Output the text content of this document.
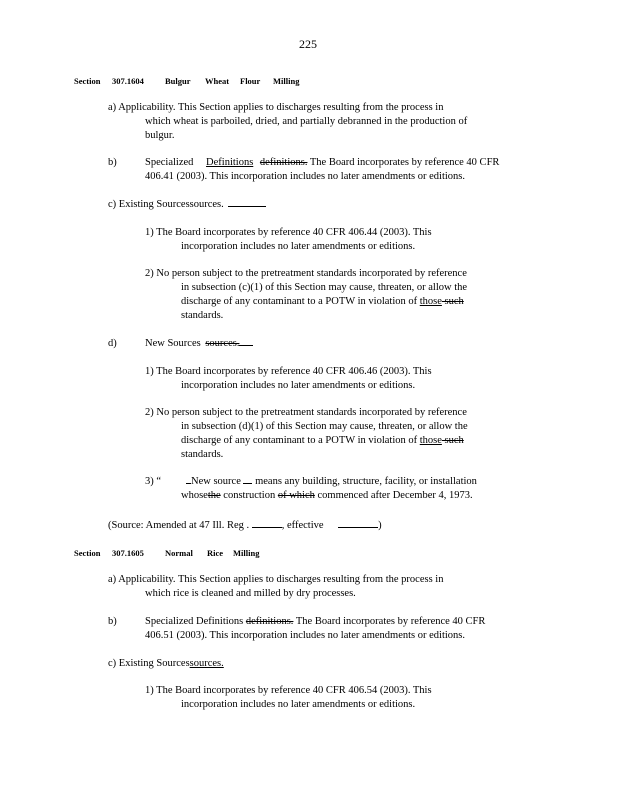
225
Section 307.1604 Bulgur Wheat Flour Milling
a) Applicability. This Section applies to discharges resulting from the process in
which wheat is parboiled, dried, and partially debranned in the production of
bulgur.
b)	Specialized Definitions definitions. The Board incorporates by reference 40 CFR
406.41 (2003). This incorporation includes no later amendments or editions.
c) Existing Sourcessources.
1) The Board incorporates by reference 40 CFR 406.44 (2003). This
incorporation includes no later amendments or editions.
2) No person subject to the pretreatment standards incorporated by reference
in subsection (c)(1) of this Section may cause, threaten, or allow the
discharge of any contaminant to a POTW in violation of those such
standards.
d)	New Sources sources.
1) The Board incorporates by reference 40 CFR 406.46 (2003). This
incorporation includes no later amendments or editions.
2) No person subject to the pretreatment standards incorporated by reference
in subsection (d)(1) of this Section may cause, threaten, or allow the
discharge of any contaminant to a POTW in violation of those such
standards.
3) “	New source  means any building, structure, facility, or installation
whosethe construction of which commenced after December 4, 1973.
(Source: Amended at 47 Ill. Reg .	, effective	)
Section 307.1605 Normal Rice Milling
a) Applicability. This Section applies to discharges resulting from the process in
which rice is cleaned and milled by dry processes.
b)	Specialized Definitions definitions. The Board incorporates by reference 40 CFR
406.51 (2003). This incorporation includes no later amendments or editions.
c) Existing Sourcessources.
1) The Board incorporates by reference 40 CFR 406.54 (2003). This
incorporation includes no later amendments or editions.
